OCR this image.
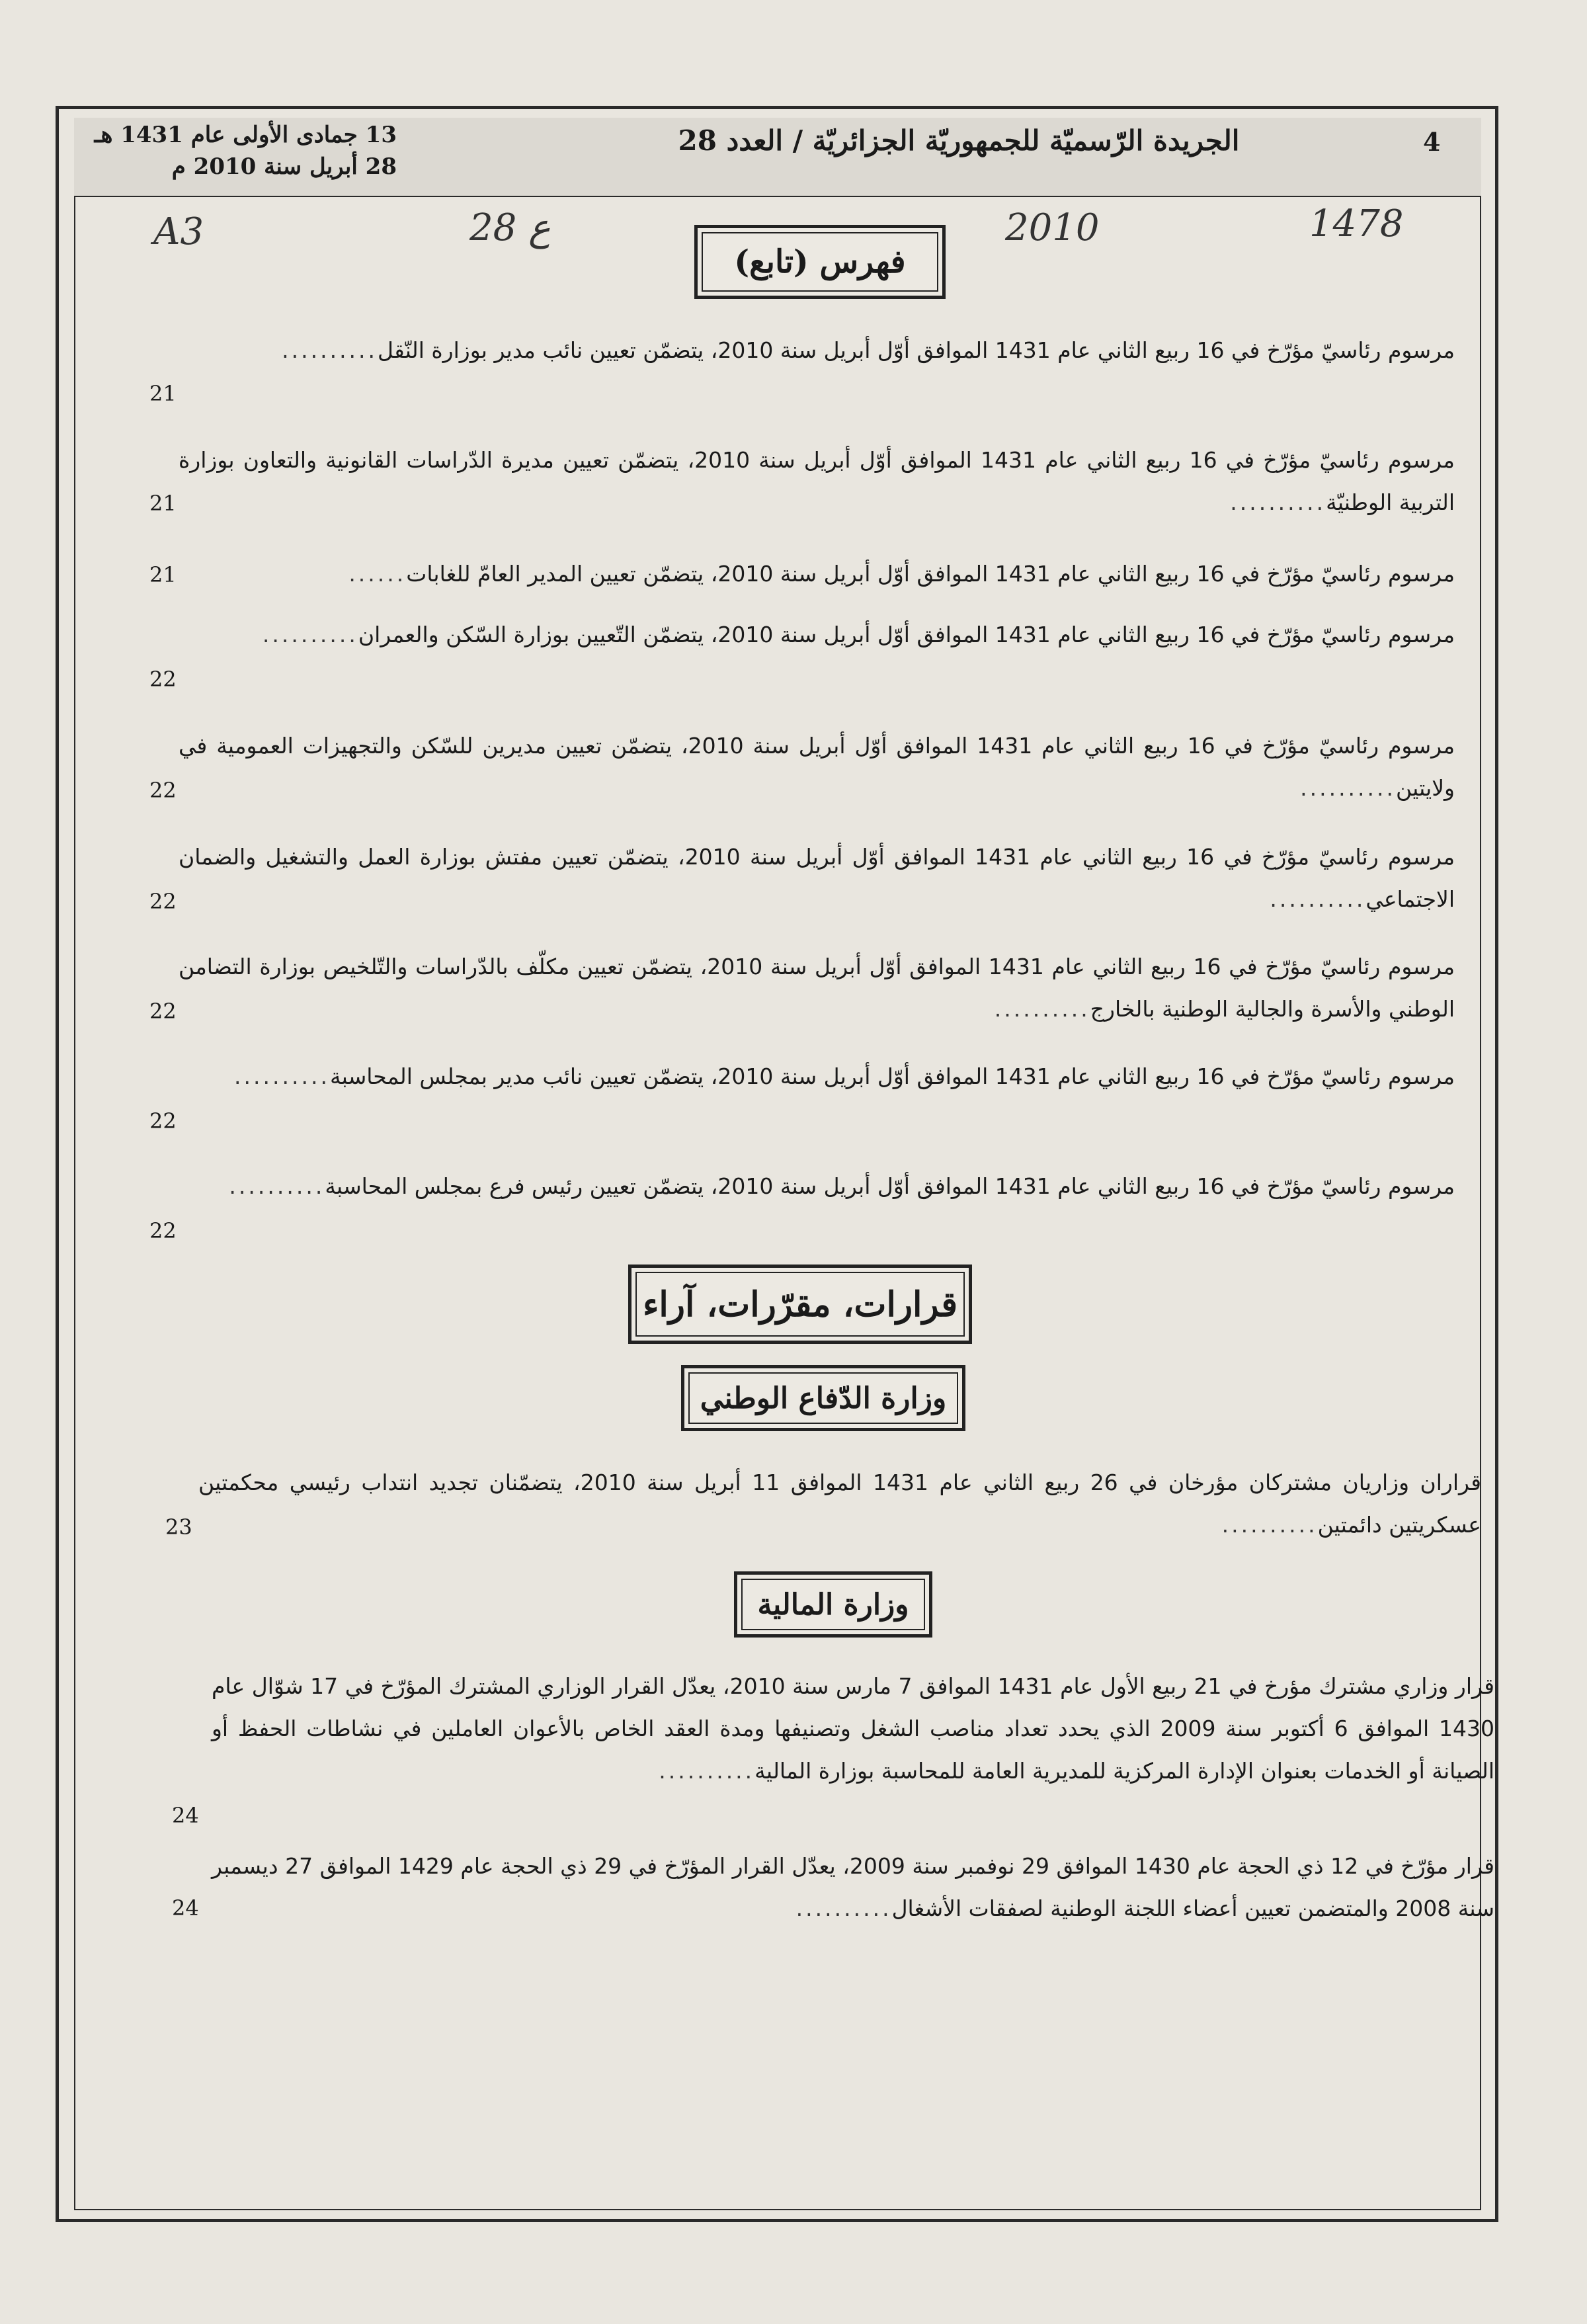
4
الجريدة الرّسميّة للجمهوريّة الجزائريّة / العدد 28
13 جمادى الأولى عام 1431 هـ
28 أبريل سنة 2010 م
A3	28 ع	2010	1478
فهرس (تابع)
مرسوم رئاسيّ مؤرّخ في 16 ربيع الثاني عام 1431 الموافق أوّل أبريل سنة 2010، يتضمّن تعيين نائب مدير بوزارة النّقل..........
21
مرسوم رئاسيّ مؤرّخ في 16 ربيع الثاني عام 1431 الموافق أوّل أبريل سنة 2010، يتضمّن تعيين مديرة الدّراسات القانونية والتعاون بوزارة التربية الوطنيّة..........
21
مرسوم رئاسيّ مؤرّخ في 16 ربيع الثاني عام 1431 الموافق أوّل أبريل سنة 2010، يتضمّن تعيين المدير العامّ للغابات......
21
مرسوم رئاسيّ مؤرّخ في 16 ربيع الثاني عام 1431 الموافق أوّل أبريل سنة 2010، يتضمّن التّعيين بوزارة السّكن والعمران..........
22
مرسوم رئاسيّ مؤرّخ في 16 ربيع الثاني عام 1431 الموافق أوّل أبريل سنة 2010، يتضمّن تعيين مديرين للسّكن والتجهيزات العمومية في ولايتين..........
22
مرسوم رئاسيّ مؤرّخ في 16 ربيع الثاني عام 1431 الموافق أوّل أبريل سنة 2010، يتضمّن تعيين مفتش بوزارة العمل والتشغيل والضمان الاجتماعي..........
22
مرسوم رئاسيّ مؤرّخ في 16 ربيع الثاني عام 1431 الموافق أوّل أبريل سنة 2010، يتضمّن تعيين مكلّف بالدّراسات والتّلخيص بوزارة التضامن الوطني والأسرة والجالية الوطنية بالخارج..........
22
مرسوم رئاسيّ مؤرّخ في 16 ربيع الثاني عام 1431 الموافق أوّل أبريل سنة 2010، يتضمّن تعيين نائب مدير بمجلس المحاسبة..........
22
مرسوم رئاسيّ مؤرّخ في 16 ربيع الثاني عام 1431 الموافق أوّل أبريل سنة 2010، يتضمّن تعيين رئيس فرع بمجلس المحاسبة..........
22
قرارات، مقرّرات، آراء
وزارة الدّفاع الوطني
قراران وزاريان مشتركان مؤرخان في 26 ربيع الثاني عام 1431 الموافق 11 أبريل سنة 2010، يتضمّنان تجديد انتداب رئيسي محكمتين عسكريتين دائمتين..........
23
وزارة المالية
قرار وزاري مشترك مؤرخ في 21 ربيع الأول عام 1431 الموافق 7 مارس سنة 2010، يعدّل القرار الوزاري المشترك المؤرّخ في 17 شوّال عام 1430 الموافق 6 أكتوبر سنة 2009 الذي يحدد تعداد مناصب الشغل وتصنيفها ومدة العقد الخاص بالأعوان العاملين في نشاطات الحفظ أو الصيانة أو الخدمات بعنوان الإدارة المركزية للمديرية العامة للمحاسبة بوزارة المالية..........
24
قرار مؤرّخ في 12 ذي الحجة عام 1430 الموافق 29 نوفمبر سنة 2009، يعدّل القرار المؤرّخ في 29 ذي الحجة عام 1429 الموافق 27 ديسمبر سنة 2008 والمتضمن تعيين أعضاء اللجنة الوطنية لصفقات الأشغال..........
24
